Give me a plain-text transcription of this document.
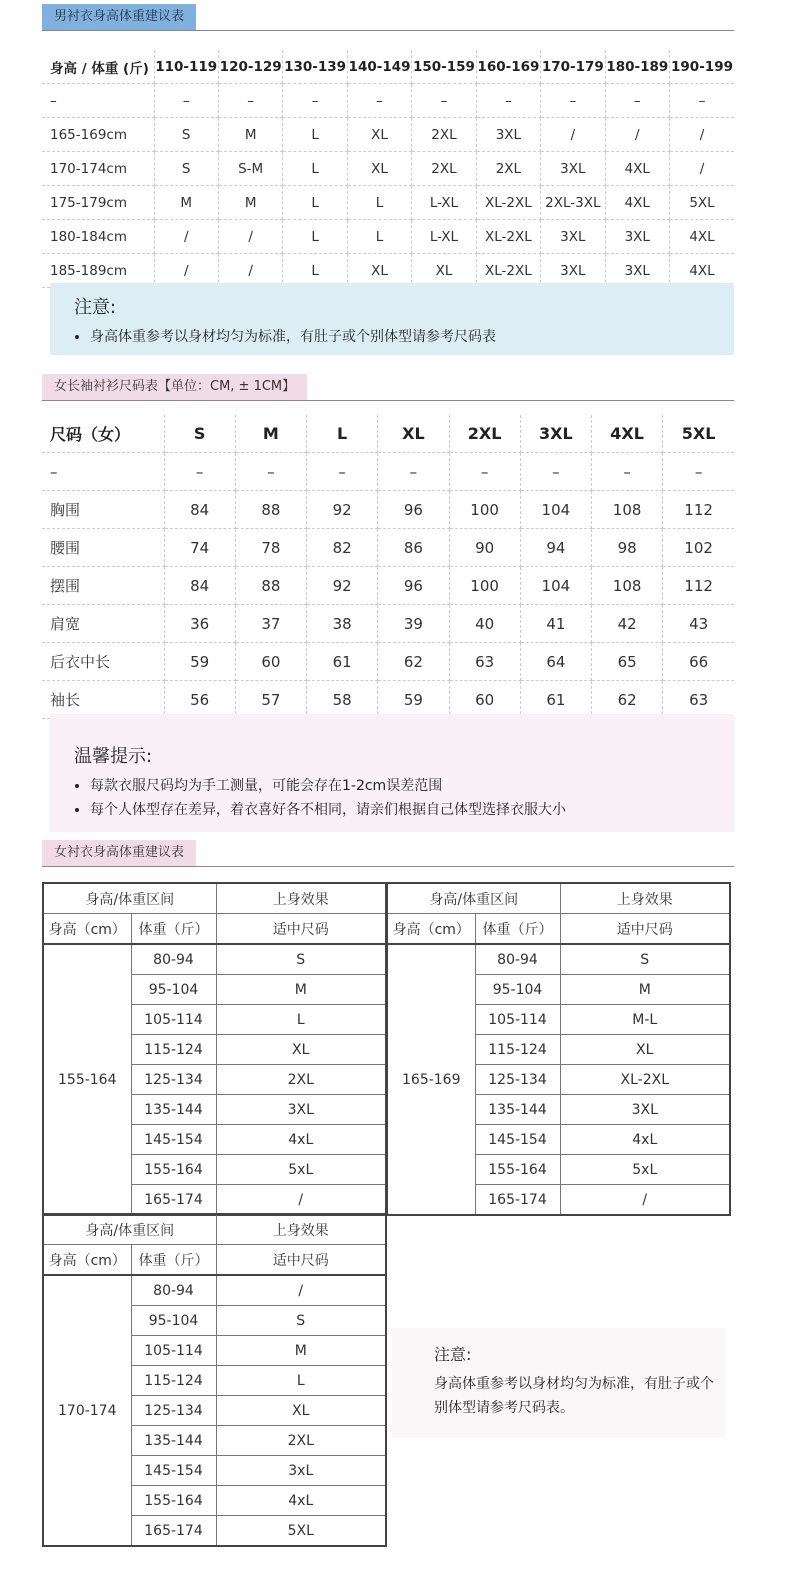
男衬衣身高体重建议表
身高 / 体重 (斤)	110-119	120-129	130-139	140-149	150-159	160-169	170-179	180-189	190-199
–	–	–	–	–	–	–	–	–	–
165-169cm	S	M	L	XL	2XL	3XL	/	/	/
170-174cm	S	S-M	L	XL	2XL	2XL	3XL	4XL	/
175-179cm	M	M	L	L	L-XL	XL-2XL	2XL-3XL	4XL	5XL
180-184cm	/	/	L	L	L-XL	XL-2XL	3XL	3XL	4XL
185-189cm	/	/	L	XL	XL	XL-2XL	3XL	3XL	4XL
注意:
• 身高体重参考以身材均匀为标准，有肚子或个别体型请参考尺码表
女长袖衬衫尺码表【单位：CM, ± 1CM】
尺码（女）	S	M	L	XL	2XL	3XL	4XL	5XL
–	–	–	–	–	–	–	–	–
胸围	84	88	92	96	100	104	108	112
腰围	74	78	82	86	90	94	98	102
摆围	84	88	92	96	100	104	108	112
肩宽	36	37	38	39	40	41	42	43
后衣中长	59	60	61	62	63	64	65	66
袖长	56	57	58	59	60	61	62	63
温馨提示:
• 每款衣服尺码均为手工测量，可能会存在1-2cm误差范围
• 每个人体型存在差异，着衣喜好各不相同，请亲们根据自己体型选择衣服大小
女衬衣身高体重建议表
身高/体重区间		上身效果
身高（cm）	体重（斤）	适中尺码
155-164	80-94	S
	95-104	M
	105-114	L
	115-124	XL
	125-134	2XL
	135-144	3XL
	145-154	4xL
	155-164	5xL
	165-174	/
身高/体重区间		上身效果
身高（cm）	体重（斤）	适中尺码
165-169	80-94	S
	95-104	M
	105-114	M-L
	115-124	XL
	125-134	XL-2XL
	135-144	3XL
	145-154	4xL
	155-164	5xL
	165-174	/
身高/体重区间		上身效果
身高（cm）	体重（斤）	适中尺码
170-174	80-94	/
	95-104	S
	105-114	M
	115-124	L
	125-134	XL
	135-144	2XL
	145-154	3xL
	155-164	4xL
	165-174	5XL
注意:
身高体重参考以身材均匀为标准，有肚子或个别体型请参考尺码表。
